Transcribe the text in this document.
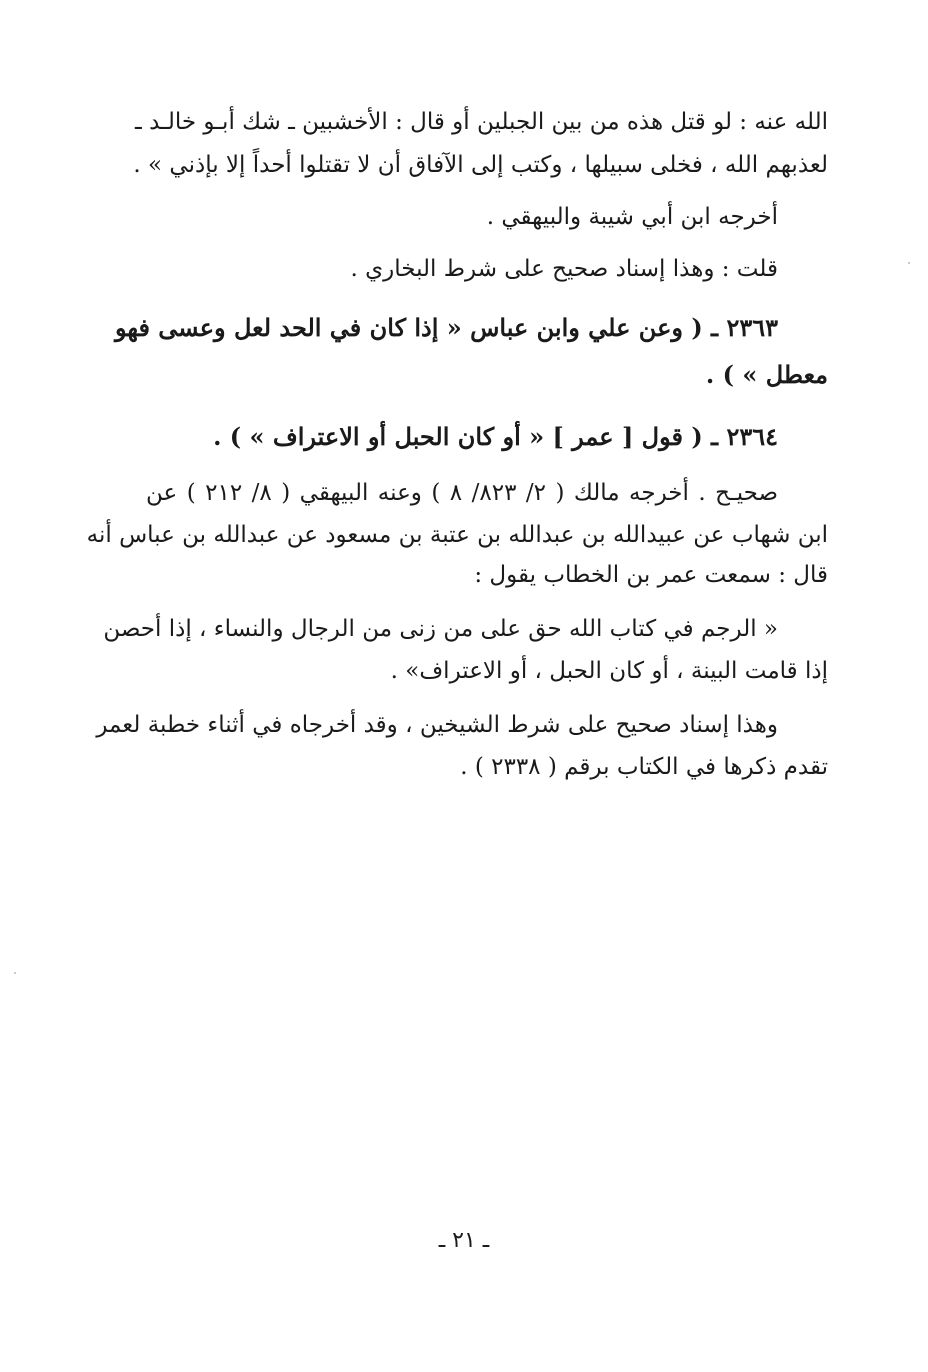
الله عنه : لو قتل هذه من بين الجبلين أو قال : الأخشبين ـ شك أبـو خالـد ـ
لعذبهم الله ، فخلى سبيلها ، وكتب إلى الآفاق أن لا تقتلوا أحداً إلا بإذني » .
أخرجه ابن أبي شيبة والبيهقي .
قلت : وهذا إسناد صحيح على شرط البخاري .
٢٣٦٣ ـ ( وعن علي وابن عباس « إذا كان في الحد لعل وعسى فهو
معطل » ) .
٢٣٦٤ ـ ( قول [ عمر ] « أو كان الحبل أو الاعتراف » ) .
صحيـح . أخرجه مالك ( ٢/ ٨٢٣/ ٨ ) وعنه البيهقي ( ٨/ ٢١٢ ) عن
ابن شهاب عن عبيدالله بن عبدالله بن عتبة بن مسعود عن عبدالله بن عباس أنه
قال : سمعت عمر بن الخطاب يقول :
« الرجم في كتاب الله حق على من زنى من الرجال والنساء ، إذا أحصن
إذا قامت البينة ، أو كان الحبل ، أو الاعتراف» .
وهذا إسناد صحيح على شرط الشيخين ، وقد أخرجاه في أثناء خطبة لعمر
تقدم ذكرها في الكتاب برقم ( ٢٣٣٨ ) .
ـ ٢١ ـ
